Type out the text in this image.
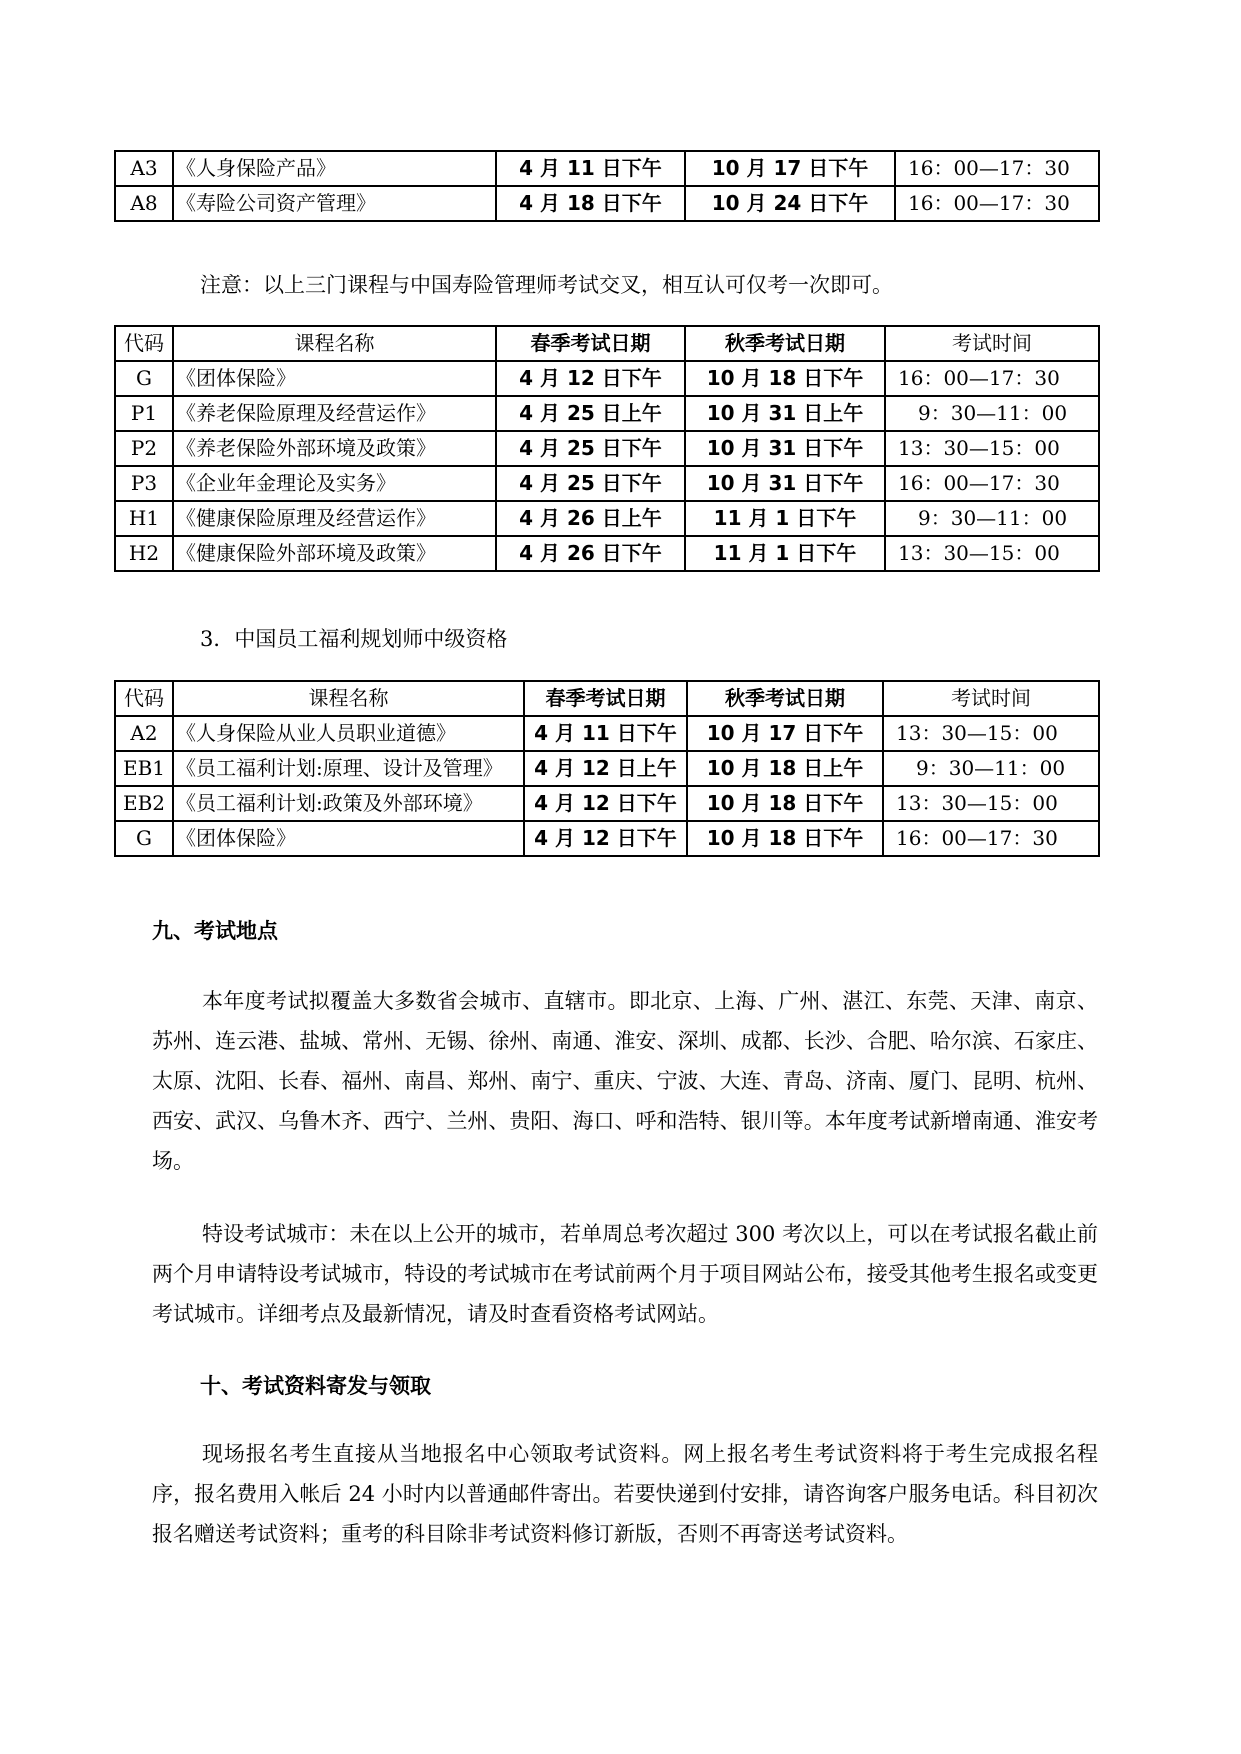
A3	《人身保险产品》	4 月 11 日下午	10 月 17 日下午	16：00—17：30
A8	《寿险公司资产管理》	4 月 18 日下午	10 月 24 日下午	16：00—17：30
注意：以上三门课程与中国寿险管理师考试交叉，相互认可仅考一次即可。
代码	课程名称	春季考试日期	秋季考试日期	考试时间
G	《团体保险》	4 月 12 日下午	10 月 18 日下午	16：00—17：30
P1	《养老保险原理及经营运作》	4 月 25 日上午	10 月 31 日上午	9：30—11：00
P2	《养老保险外部环境及政策》	4 月 25 日下午	10 月 31 日下午	13：30—15：00
P3	《企业年金理论及实务》	4 月 25 日下午	10 月 31 日下午	16：00—17：30
H1	《健康保险原理及经营运作》	4 月 26 日上午	11 月 1 日下午	9：30—11：00
H2	《健康保险外部环境及政策》	4 月 26 日下午	11 月 1 日下午	13：30—15：00
3．中国员工福利规划师中级资格
代码	课程名称	春季考试日期	秋季考试日期	考试时间
A2	《人身保险从业人员职业道德》	4 月 11 日下午	10 月 17 日下午	13：30—15：00
EB1	《员工福利计划:原理、设计及管理》	4 月 12 日上午	10 月 18 日上午	9：30—11：00
EB2	《员工福利计划:政策及外部环境》	4 月 12 日下午	10 月 18 日下午	13：30—15：00
G	《团体保险》	4 月 12 日下午	10 月 18 日下午	16：00—17：30
九、考试地点
本年度考试拟覆盖大多数省会城市、直辖市。即北京、上海、广州、湛江、东莞、天津、南京、苏州、连云港、盐城、常州、无锡、徐州、南通、淮安、深圳、成都、长沙、合肥、哈尔滨、石家庄、太原、沈阳、长春、福州、南昌、郑州、南宁、重庆、宁波、大连、青岛、济南、厦门、昆明、杭州、西安、武汉、乌鲁木齐、西宁、兰州、贵阳、海口、呼和浩特、银川等。本年度考试新增南通、淮安考场。
特设考试城市：未在以上公开的城市，若单周总考次超过 300 考次以上，可以在考试报名截止前两个月申请特设考试城市，特设的考试城市在考试前两个月于项目网站公布，接受其他考生报名或变更考试城市。详细考点及最新情况，请及时查看资格考试网站。
十、考试资料寄发与领取
现场报名考生直接从当地报名中心领取考试资料。网上报名考生考试资料将于考生完成报名程序，报名费用入帐后 24 小时内以普通邮件寄出。若要快递到付安排，请咨询客户服务电话。科目初次报名赠送考试资料；重考的科目除非考试资料修订新版，否则不再寄送考试资料。
